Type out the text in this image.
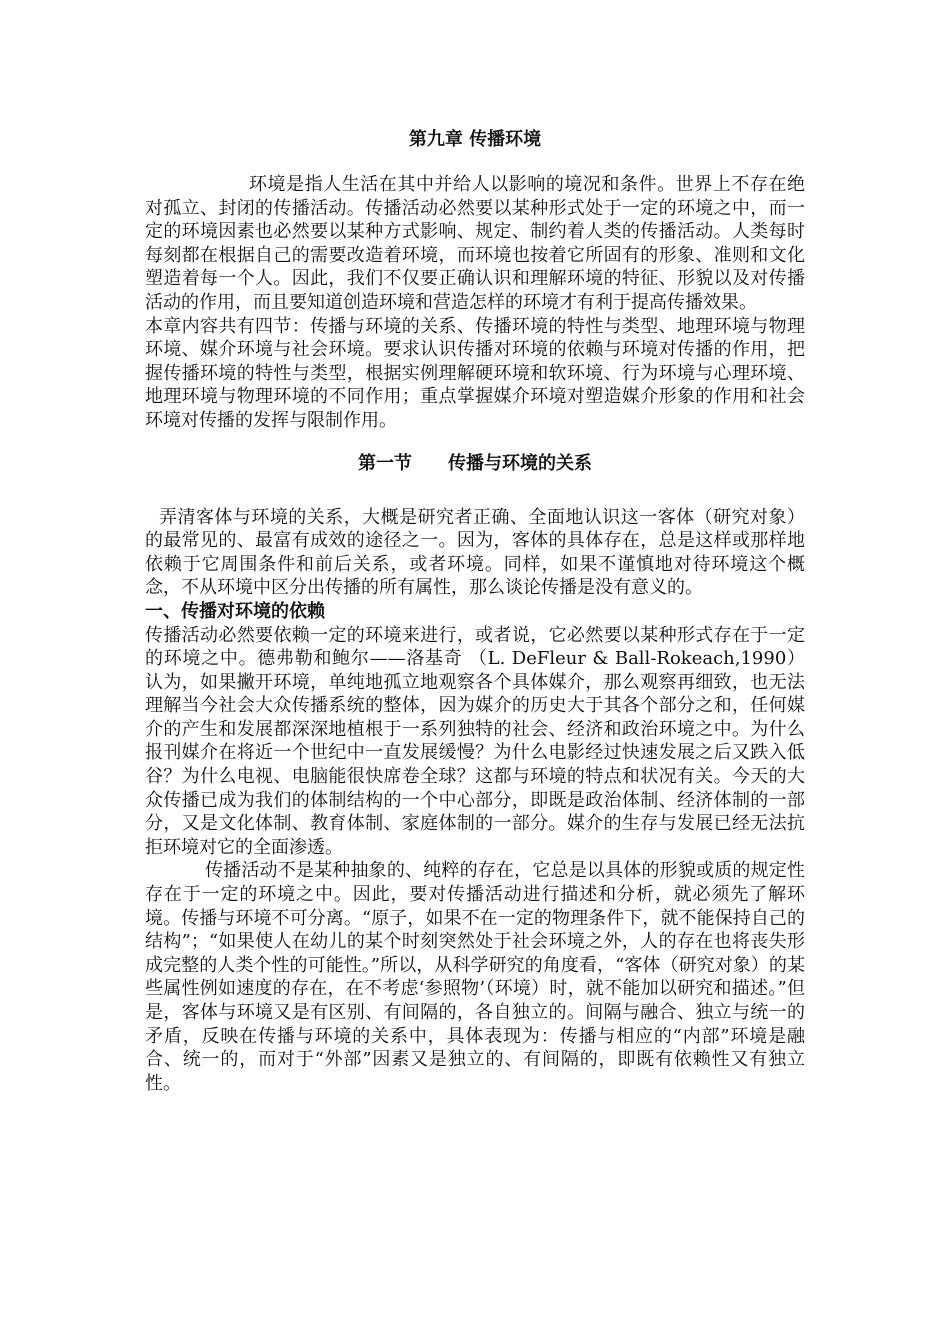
第九章 传播环境

环境是指人生活在其中并给人以影响的境况和条件。世界上不存在绝对孤立、封闭的传播活动。传播活动必然要以某种形式处于一定的环境之中，而一定的环境因素也必然要以某种方式影响、规定、制约着人类的传播活动。人类每时每刻都在根据自己的需要改造着环境，而环境也按着它所固有的形象、准则和文化塑造着每一个人。因此，我们不仅要正确认识和理解环境的特征、形貌以及对传播活动的作用，而且要知道创造环境和营造怎样的环境才有利于提高传播效果。

本章内容共有四节：传播与环境的关系、传播环境的特性与类型、地理环境与物理环境、媒介环境与社会环境。要求认识传播对环境的依赖与环境对传播的作用，把握传播环境的特性与类型，根据实例理解硬环境和软环境、行为环境与心理环境、地理环境与物理环境的不同作用；重点掌握媒介环境对塑造媒介形象的作用和社会环境对传播的发挥与限制作用。

第一节　　传播与环境的关系

弄清客体与环境的关系，大概是研究者正确、全面地认识这一客体（研究对象）的最常见的、最富有成效的途径之一。因为，客体的具体存在，总是这样或那样地依赖于它周围条件和前后关系，或者环境。同样，如果不谨慎地对待环境这个概念，不从环境中区分出传播的所有属性，那么谈论传播是没有意义的。

一、传播对环境的依赖

传播活动必然要依赖一定的环境来进行，或者说，它必然要以某种形式存在于一定的环境之中。德弗勒和鲍尔——洛基奇 （L. DeFleur & Ball-Rokeach,1990）认为，如果撇开环境，单纯地孤立地观察各个具体媒介，那么观察再细致，也无法理解当今社会大众传播系统的整体，因为媒介的历史大于其各个部分之和，任何媒介的产生和发展都深深地植根于一系列独特的社会、经济和政治环境之中。为什么报刊媒介在将近一个世纪中一直发展缓慢？为什么电影经过快速发展之后又跌入低谷？为什么电视、电脑能很快席卷全球？这都与环境的特点和状况有关。今天的大众传播已成为我们的体制结构的一个中心部分，即既是政治体制、经济体制的一部分，又是文化体制、教育体制、家庭体制的一部分。媒介的生存与发展已经无法抗拒环境对它的全面渗透。

传播活动不是某种抽象的、纯粹的存在，它总是以具体的形貌或质的规定性存在于一定的环境之中。因此，要对传播活动进行描述和分析，就必须先了解环境。传播与环境不可分离。“原子，如果不在一定的物理条件下，就不能保持自己的结构”；“如果使人在幼儿的某个时刻突然处于社会环境之外，人的存在也将丧失形成完整的人类个性的可能性。”所以，从科学研究的角度看，“客体（研究对象）的某些属性例如速度的存在，在不考虑‘参照物’（环境）时，就不能加以研究和描述。”但是，客体与环境又是有区别、有间隔的，各自独立的。间隔与融合、独立与统一的矛盾，反映在传播与环境的关系中，具体表现为：传播与相应的“内部”环境是融合、统一的，而对于“外部”因素又是独立的、有间隔的，即既有依赖性又有独立性。
